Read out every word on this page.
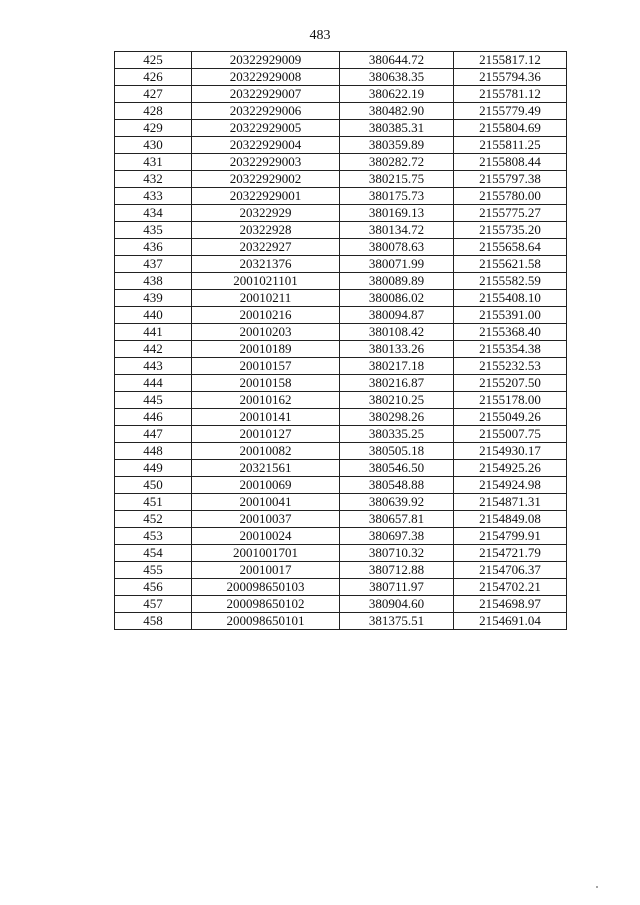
483
425	20322929009	380644.72	2155817.12
426	20322929008	380638.35	2155794.36
427	20322929007	380622.19	2155781.12
428	20322929006	380482.90	2155779.49
429	20322929005	380385.31	2155804.69
430	20322929004	380359.89	2155811.25
431	20322929003	380282.72	2155808.44
432	20322929002	380215.75	2155797.38
433	20322929001	380175.73	2155780.00
434	20322929	380169.13	2155775.27
435	20322928	380134.72	2155735.20
436	20322927	380078.63	2155658.64
437	20321376	380071.99	2155621.58
438	2001021101	380089.89	2155582.59
439	20010211	380086.02	2155408.10
440	20010216	380094.87	2155391.00
441	20010203	380108.42	2155368.40
442	20010189	380133.26	2155354.38
443	20010157	380217.18	2155232.53
444	20010158	380216.87	2155207.50
445	20010162	380210.25	2155178.00
446	20010141	380298.26	2155049.26
447	20010127	380335.25	2155007.75
448	20010082	380505.18	2154930.17
449	20321561	380546.50	2154925.26
450	20010069	380548.88	2154924.98
451	20010041	380639.92	2154871.31
452	20010037	380657.81	2154849.08
453	20010024	380697.38	2154799.91
454	2001001701	380710.32	2154721.79
455	20010017	380712.88	2154706.37
456	200098650103	380711.97	2154702.21
457	200098650102	380904.60	2154698.97
458	200098650101	381375.51	2154691.04
